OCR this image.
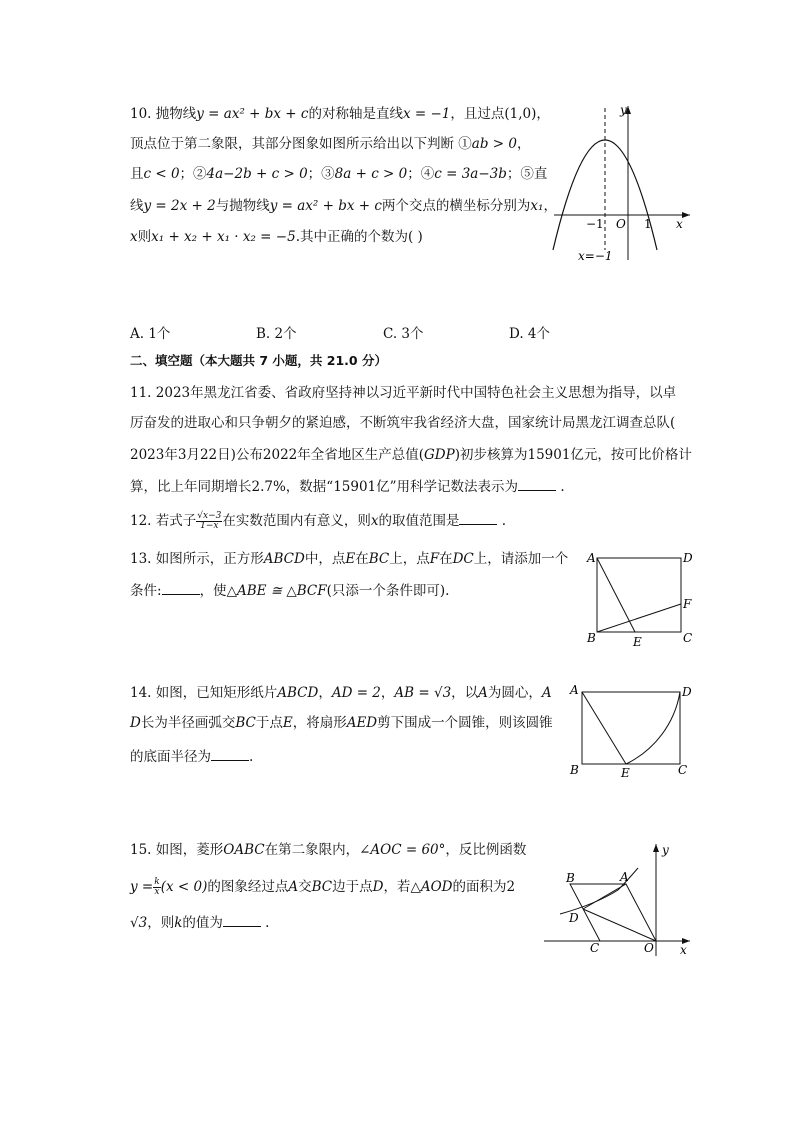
10. 抛物线y = ax² + bx + c的对称轴是直线x = −1，且过点(1,0)，
顶点位于第二象限，其部分图象如图所示给出以下判断 ①ab > 0，
且c < 0；②4a−2b + c > 0；③8a + c > 0；④c = 3a−3b；⑤直
线y = 2x + 2与抛物线y = ax² + bx + c两个交点的横坐标分别为x₁，
x则x₁ + x₂ + x₁ · x₂ = −5.其中正确的个数为( )
y
x
O
−1	1
x=−1
A. 1个	B. 2个	C. 3个	D. 4个
二、填空题（本大题共 7 小题，共 21.0 分）
11. 2023年黑龙江省委、省政府坚持神以习近平新时代中国特色社会主义思想为指导，以卓
厉奋发的进取心和只争朝夕的紧迫感，不断筑牢我省经济大盘，国家统计局黑龙江调查总队(
2023年3月22日)公布2022年全省地区生产总值(GDP)初步核算为15901亿元，按可比价格计
算，比上年同期增长2.7%，数据“15901亿”用科学记数法表示为	.
12. 若式子 $\frac{√x-3}{1-x}$ 在实数范围内有意义，则x的取值范围是	.
13. 如图所示，正方形ABCD中，点E在BC上，点F在DC上，请添加一个
条件:	，使△ABE ≅ △BCF(只添一个条件即可).
A	D
F
B	E	C
14. 如图，已知矩形纸片ABCD，AD = 2，AB = √3，以A为圆心，A
D长为半径画弧交BC于点E，将扇形AED剪下围成一个圆锥，则该圆锥
的底面半径为	.
A	D
B	E	C
15. 如图，菱形OABC在第二象限内，∠AOC = 60°，反比例函数
$y = \frac{k}{x} (x < 0)$的图象经过点A交BC边于点D，若△AOD的面积为2
√3，则k的值为	.
B	A
D
C	O x
y
